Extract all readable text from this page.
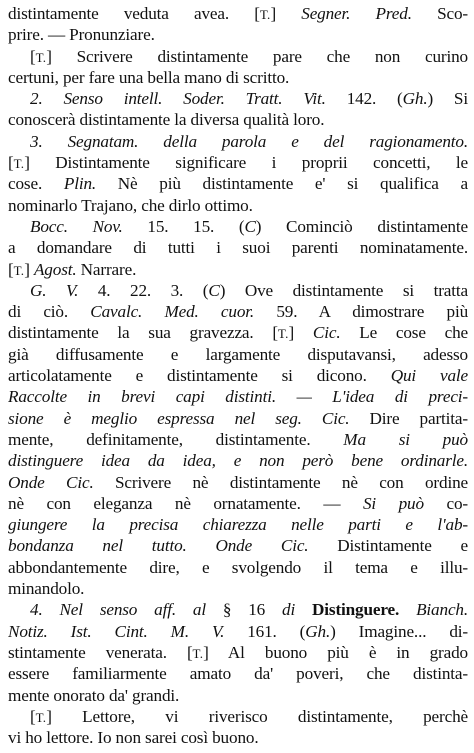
distintamente veduta avea. [T.] Segner. Pred. Sco-
prire. — Pronunziare.
[T.] Scrivere distintamente pare che non curino
certuni, per fare una bella mano di scritto.
2. Senso intell. Soder. Tratt. Vit. 142. (Gh.) Si
conoscerà distintamente la diversa qualità loro.
3. Segnatam. della parola e del ragionamento.
[T.] Distintamente significare i proprii concetti, le
cose. Plin. Nè più distintamente e' si qualifica a
nominarlo Trajano, che dirlo ottimo.
Bocc. Nov. 15. 15. (C) Cominciò distintamente
a domandare di tutti i suoi parenti nominatamente.
[T.] Agost. Narrare.
G. V. 4. 22. 3. (C) Ove distintamente si tratta
di ciò. Cavalc. Med. cuor. 59. A dimostrare più
distintamente la sua gravezza. [T.] Cic. Le cose che
già diffusamente e largamente disputavansi, adesso
articolatamente e distintamente si dicono. Qui vale
Raccolte in brevi capi distinti. — L'idea di preci-
sione è meglio espressa nel seg. Cic. Dire partita-
mente, definitamente, distintamente. Ma si può
distinguere idea da idea, e non però bene ordinarle.
Onde Cic. Scrivere nè distintamente nè con ordine
nè con eleganza nè ornatamente. — Si può co-
giungere la precisa chiarezza nelle parti e l'ab-
bondanza nel tutto. Onde Cic. Distintamente e
abbondantemente dire, e svolgendo il tema e illu-
minandolo.
4. Nel senso aff. al § 16 di Distinguere. Bianch.
Notiz. Ist. Cint. M. V. 161. (Gh.) Imagine... di-
stintamente venerata. [T.] Al buono più è in grado
essere familiarmente amato da' poveri, che distinta-
mente onorato da' grandi.
[T.] Lettore, vi riverisco distintamente, perchè
vi ho lettore. Io non sarei così buono.
